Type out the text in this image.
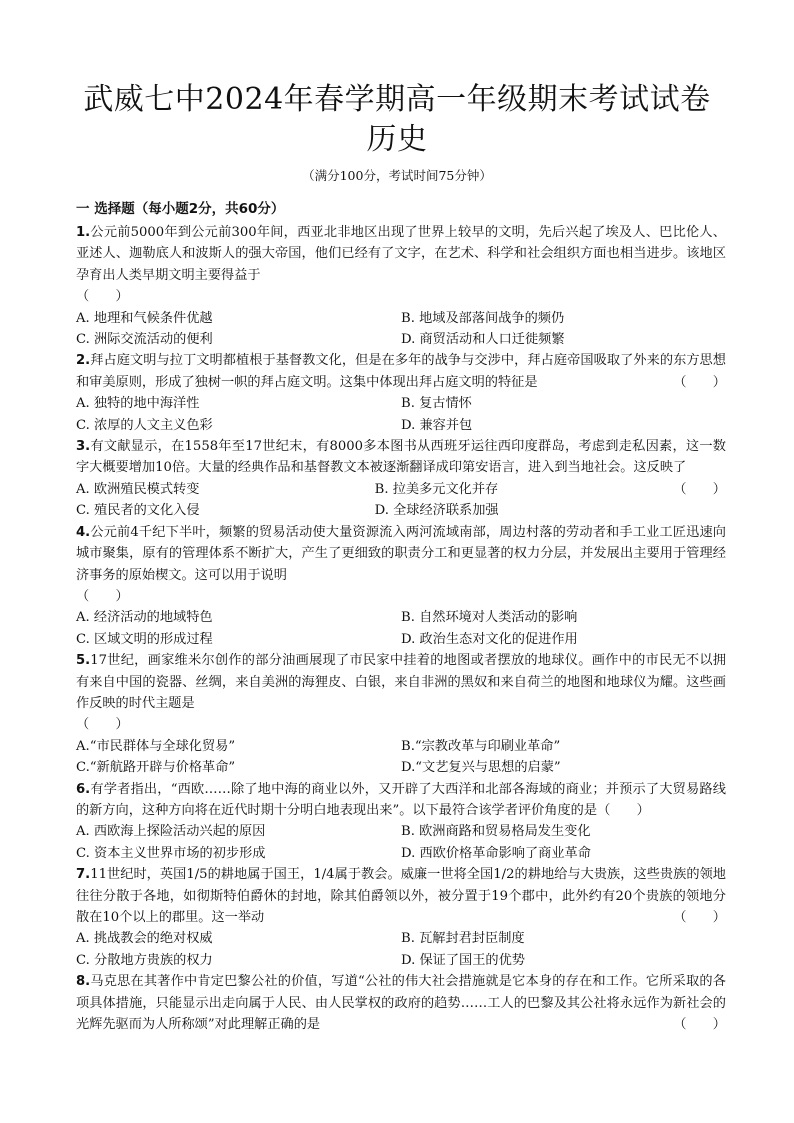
武威七中2024年春学期高一年级期末考试试卷
历史
（满分100分，考试时间75分钟）
一 选择题（每小题2分，共60分）

1.公元前5000年到公元前300年间，西亚北非地区出现了世界上较早的文明，先后兴起了埃及人、巴比伦人、亚述人、迦勒底人和波斯人的强大帝国，他们已经有了文字，在艺术、科学和社会组织方面也相当进步。该地区孕育出人类早期文明主要得益于

（　　）

A. 地理和气候条件优越	B. 地域及部落间战争的频仍

C. 洲际交流活动的便利	D. 商贸活动和人口迁徙频繁

2.拜占庭文明与拉丁文明都植根于基督教文化，但是在多年的战争与交涉中，拜占庭帝国吸取了外来的东方思想和审美原则，形成了独树一帜的拜占庭文明。这集中体现出拜占庭文明的特征是	（　　）

A. 独特的地中海洋性	B. 复古情怀

C. 浓厚的人文主义色彩	D. 兼容并包

3.有文献显示，在1558年至17世纪末，有8000多本图书从西班牙运往西印度群岛，考虑到走私因素，这一数字大概要增加10倍。大量的经典作品和基督教文本被逐渐翻译成印第安语言，进入到当地社会。这反映了
（　　）

A. 欧洲殖民模式转变	B. 拉美多元文化并存

C. 殖民者的文化入侵	D. 全球经济联系加强

4.公元前4千纪下半叶，频繁的贸易活动使大量资源流入两河流域南部，周边村落的劳动者和手工业工匠迅速向城市聚集，原有的管理体系不断扩大，产生了更细致的职责分工和更显著的权力分层，并发展出主要用于管理经济事务的原始楔文。这可以用于说明

（　　）

A. 经济活动的地域特色	B. 自然环境对人类活动的影响

C. 区域文明的形成过程	D. 政治生态对文化的促进作用

5.17世纪，画家维米尔创作的部分油画展现了市民家中挂着的地图或者摆放的地球仪。画作中的市民无不以拥有来自中国的瓷器、丝绸，来自美洲的海狸皮、白银，来自非洲的黑奴和来自荷兰的地图和地球仪为耀。这些画作反映的时代主题是

（　　）

A.“市民群体与全球化贸易”	B.“宗教改革与印刷业革命”

C.“新航路开辟与价格革命”	D.“文艺复兴与思想的启蒙”

6.有学者指出，“西欧……除了地中海的商业以外，又开辟了大西洋和北部各海域的商业；并预示了大贸易路线的新方向，这种方向将在近代时期十分明白地表现出来”。以下最符合该学者评价角度的是（　　）

A. 西欧海上探险活动兴起的原因	B. 欧洲商路和贸易格局发生变化

C. 资本主义世界市场的初步形成	D. 西欧价格革命影响了商业革命

7.11世纪时，英国1/5的耕地属于国王，1/4属于教会。威廉一世将全国1/2的耕地给与大贵族，这些贵族的领地往往分散于各地，如彻斯特伯爵休的封地，除其伯爵领以外，被分置于19个郡中，此外约有20个贵族的领地分散在10个以上的郡里。这一举动	（　　）

A. 挑战教会的绝对权威	B. 瓦解封君封臣制度

C. 分散地方贵族的权力	D. 保证了国王的优势

8.马克思在其著作中肯定巴黎公社的价值，写道“公社的伟大社会措施就是它本身的存在和工作。它所采取的各项具体措施，只能显示出走向属于人民、由人民掌权的政府的趋势……工人的巴黎及其公社将永远作为新社会的光辉先驱而为人所称颂”对此理解正确的是	（　　）
